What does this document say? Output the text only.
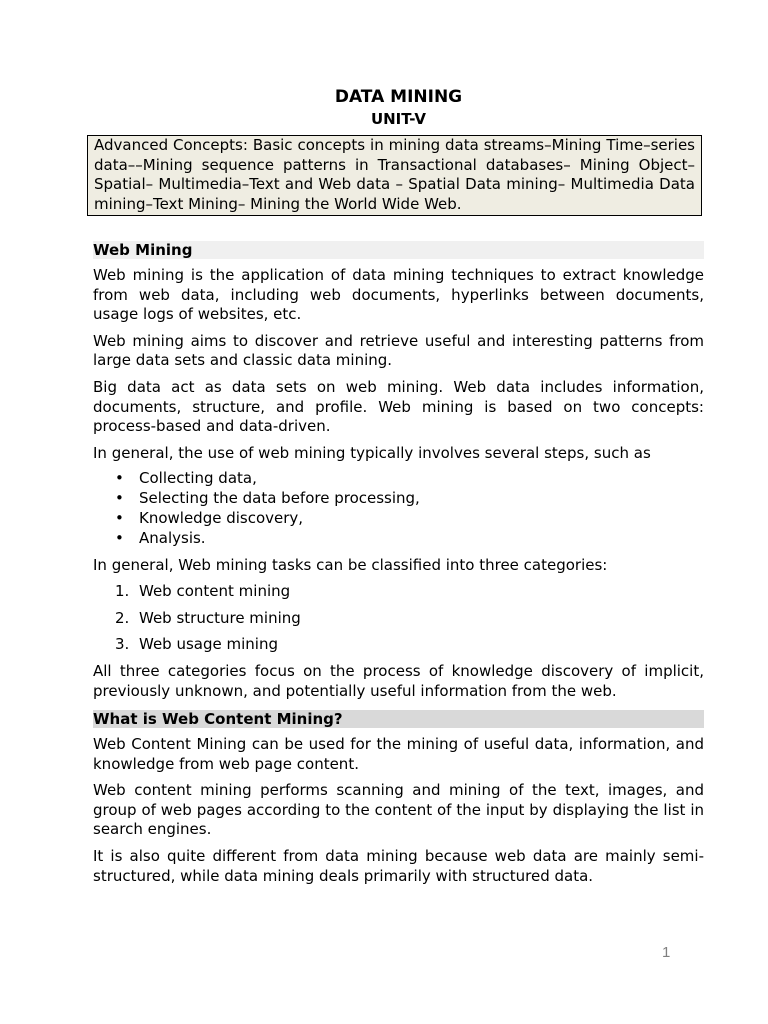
DATA MINING
UNIT-V
Advanced Concepts: Basic concepts in mining data streams–Mining Time–series data––Mining sequence patterns in Transactional databases– Mining Object– Spatial– Multimedia–Text and Web data – Spatial Data mining– Multimedia Data mining–Text Mining– Mining the World Wide Web.
Web Mining

Web mining is the application of data mining techniques to extract knowledge from web data, including web documents, hyperlinks between documents, usage logs of websites, etc.

Web mining aims to discover and retrieve useful and interesting patterns from large data sets and classic data mining.

Big data act as data sets on web mining. Web data includes information, documents, structure, and profile. Web mining is based on two concepts: process-based and data-driven.

In general, the use of web mining typically involves several steps, such as

• Collecting data,
• Selecting the data before processing,
• Knowledge discovery,
• Analysis.

In general, Web mining tasks can be classified into three categories:

1. Web content mining
2. Web structure mining
3. Web usage mining

All three categories focus on the process of knowledge discovery of implicit, previously unknown, and potentially useful information from the web.

What is Web Content Mining?

Web Content Mining can be used for the mining of useful data, information, and knowledge from web page content.

Web content mining performs scanning and mining of the text, images, and group of web pages according to the content of the input by displaying the list in search engines.

It is also quite different from data mining because web data are mainly semi-structured, while data mining deals primarily with structured data.

1
